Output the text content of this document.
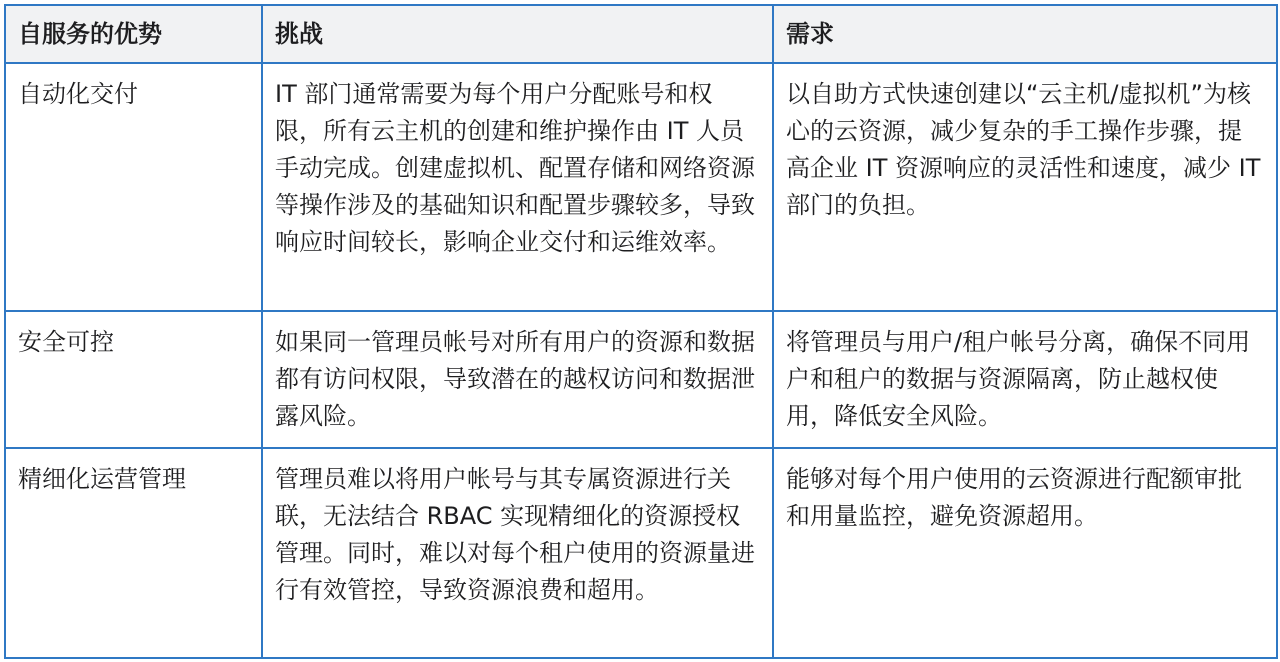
自服务的优势	挑战	需求
自动化交付	IT 部门通常需要为每个用户分配账号和权限，所有云主机的创建和维护操作由 IT 人员手动完成。创建虚拟机、配置存储和网络资源等操作涉及的基础知识和配置步骤较多，导致响应时间较长，影响企业交付和运维效率。	以自助方式快速创建以“云主机/虚拟机”为核心的云资源，减少复杂的手工操作步骤，提高企业 IT 资源响应的灵活性和速度，减少 IT 部门的负担。
安全可控	如果同一管理员帐号对所有用户的资源和数据都有访问权限，导致潜在的越权访问和数据泄露风险。	将管理员与用户/租户帐号分离，确保不同用户和租户的数据与资源隔离，防止越权使用，降低安全风险。
精细化运营管理	管理员难以将用户帐号与其专属资源进行关联，无法结合 RBAC 实现精细化的资源授权管理。同时，难以对每个租户使用的资源量进行有效管控，导致资源浪费和超用。	能够对每个用户使用的云资源进行配额审批和用量监控，避免资源超用。
